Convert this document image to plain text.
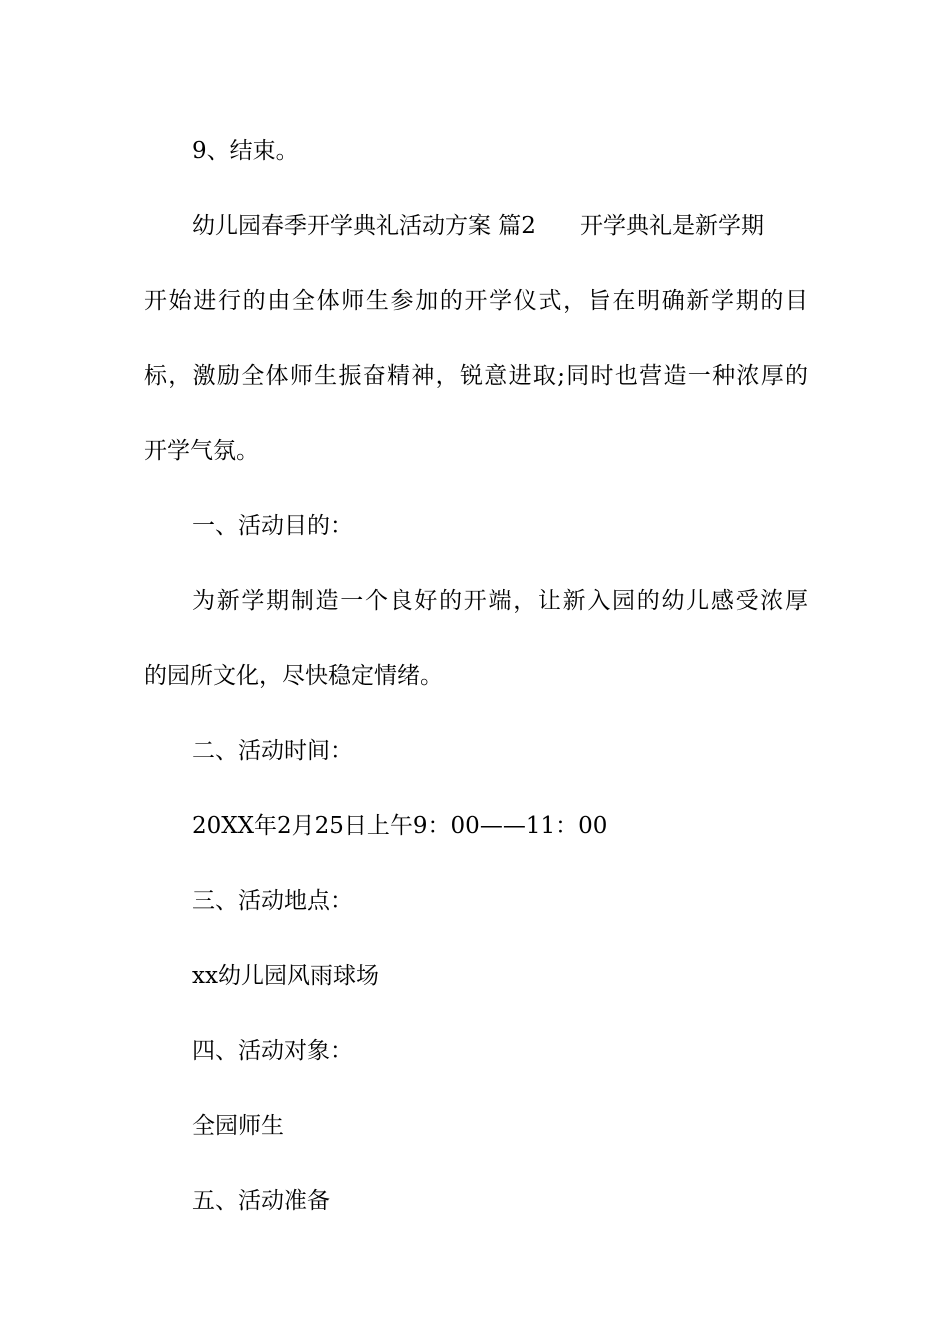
9、结束。

幼儿园春季开学典礼活动方案 篇2 开学典礼是新学期

开始进行的由全体师生参加的开学仪式，旨在明确新学期的目

标，激励全体师生振奋精神，锐意进取;同时也营造一种浓厚的

开学气氛。

一、活动目的：

为新学期制造一个良好的开端，让新入园的幼儿感受浓厚

的园所文化，尽快稳定情绪。

二、活动时间：

20XX年2月25日上午9：00——11：00

三、活动地点：

xx幼儿园风雨球场

四、活动对象：

全园师生

五、活动准备
